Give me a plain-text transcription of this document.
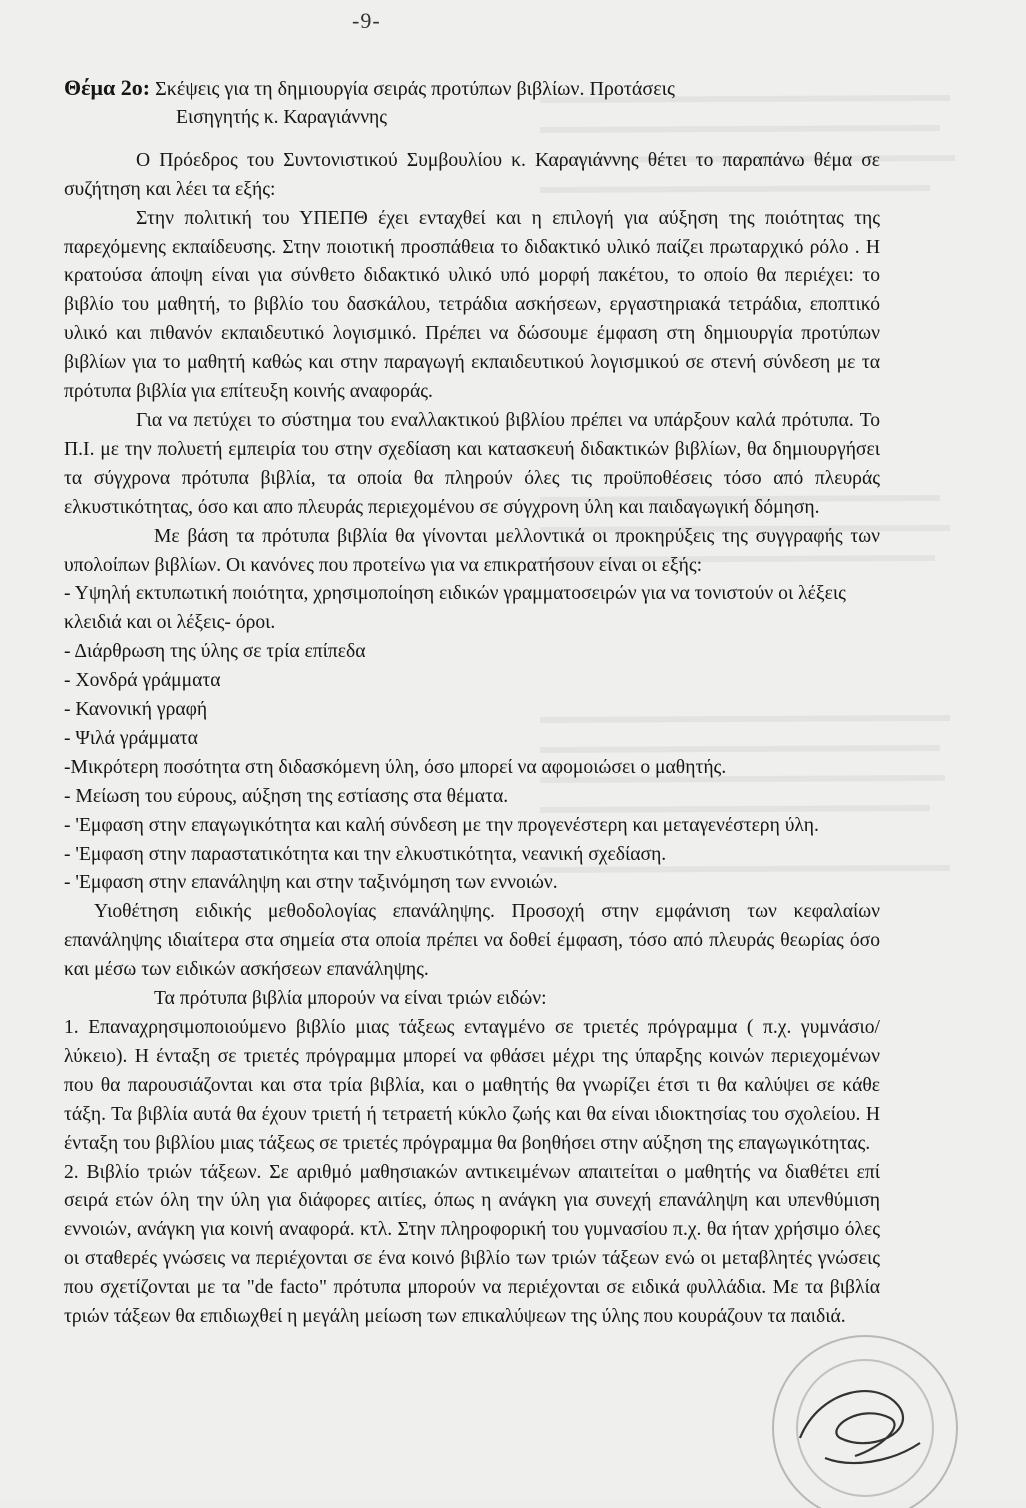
-9-

Θέμα 2ο: Σκέψεις για τη δημιουργία σειράς προτύπων βιβλίων. Προτάσεις

Εισηγητής κ. Καραγιάννης

Ο Πρόεδρος του Συντονιστικού Συμβουλίου κ. Καραγιάννης θέτει το παραπάνω θέμα σε συζήτηση και λέει τα εξής:

Στην πολιτική του ΥΠΕΠΘ έχει ενταχθεί και η επιλογή για αύξηση της ποιότητας της παρεχόμενης εκπαίδευσης. Στην ποιοτική προσπάθεια το διδακτικό υλικό παίζει πρωταρχικό ρόλο . Η κρατούσα άποψη είναι για σύνθετο διδακτικό υλικό υπό μορφή πακέτου, το οποίο θα περιέχει: το βιβλίο του μαθητή, το βιβλίο του δασκάλου, τετράδια ασκήσεων, εργαστηριακά τετράδια, εποπτικό υλικό και πιθανόν εκπαιδευτικό λογισμικό. Πρέπει να δώσουμε έμφαση στη δημιουργία προτύπων βιβλίων για το μαθητή καθώς και στην παραγωγή εκπαιδευτικού λογισμικού σε στενή σύνδεση με τα πρότυπα βιβλία για επίτευξη κοινής αναφοράς.

Για να πετύχει το σύστημα του εναλλακτικού βιβλίου πρέπει να υπάρξουν καλά πρότυπα. Το Π.Ι. με την πολυετή εμπειρία του στην σχεδίαση και κατασκευή διδακτικών βιβλίων, θα δημιουργήσει τα σύγχρονα πρότυπα βιβλία, τα οποία θα πληρούν όλες τις προϋποθέσεις τόσο από πλευράς ελκυστικότητας, όσο και απο πλευράς περιεχομένου σε σύγχρονη ύλη και παιδαγωγική δόμηση.

Με βάση τα πρότυπα βιβλία θα γίνονται μελλοντικά οι προκηρύξεις της συγγραφής των υπολοίπων βιβλίων. Οι κανόνες που προτείνω για να επικρατήσουν είναι οι εξής:

- Υψηλή εκτυπωτική ποιότητα, χρησιμοποίηση ειδικών γραμματοσειρών για να τονιστούν οι λέξεις κλειδιά και οι λέξεις- όροι.

- Διάρθρωση της ύλης σε τρία επίπεδα

- Χονδρά γράμματα

- Κανονική γραφή

- Ψιλά γράμματα

-Μικρότερη ποσότητα στη διδασκόμενη ύλη, όσο μπορεί να αφομοιώσει ο μαθητής.

- Μείωση του εύρους, αύξηση της εστίασης στα θέματα.

- 'Εμφαση στην επαγωγικότητα και καλή σύνδεση με την προγενέστερη και μεταγενέστερη ύλη.

- 'Εμφαση στην παραστατικότητα και την ελκυστικότητα, νεανική σχεδίαση.

- 'Εμφαση στην επανάληψη και στην ταξινόμηση των εννοιών.

Υιοθέτηση ειδικής μεθοδολογίας επανάληψης. Προσοχή στην εμφάνιση των κεφαλαίων επανάληψης ιδιαίτερα στα σημεία στα οποία πρέπει να δοθεί έμφαση, τόσο από πλευράς θεωρίας όσο και μέσω των ειδικών ασκήσεων επανάληψης.

Τα πρότυπα βιβλία μπορούν να είναι τριών ειδών:

1. Επαναχρησιμοποιούμενο βιβλίο μιας τάξεως ενταγμένο σε τριετές πρόγραμμα ( π.χ. γυμνάσιο/λύκειο). Η ένταξη σε τριετές πρόγραμμα μπορεί να φθάσει μέχρι της ύπαρξης κοινών περιεχομένων που θα παρουσιάζονται και στα τρία βιβλία, και ο μαθητής θα γνωρίζει έτσι τι θα καλύψει σε κάθε τάξη. Τα βιβλία αυτά θα έχουν τριετή ή τετραετή κύκλο ζωής και θα είναι ιδιοκτησίας του σχολείου. Η ένταξη του βιβλίου μιας τάξεως σε τριετές πρόγραμμα θα βοηθήσει στην αύξηση της επαγωγικότητας.

2. Βιβλίο τριών τάξεων. Σε αριθμό μαθησιακών αντικειμένων απαιτείται ο μαθητής να διαθέτει επί σειρά ετών όλη την ύλη για διάφορες αιτίες, όπως η ανάγκη για συνεχή επανάληψη και υπενθύμιση εννοιών, ανάγκη για κοινή αναφορά. κτλ. Στην πληροφορική του γυμνασίου π.χ. θα ήταν χρήσιμο όλες οι σταθερές γνώσεις να περιέχονται σε ένα κοινό βιβλίο των τριών τάξεων ενώ οι μεταβλητές γνώσεις που σχετίζονται με τα "de facto" πρότυπα μπορούν να περιέχονται σε ειδικά φυλλάδια. Με τα βιβλία τριών τάξεων θα επιδιωχθεί η μεγάλη μείωση των επικαλύψεων της ύλης που κουράζουν τα παιδιά.
